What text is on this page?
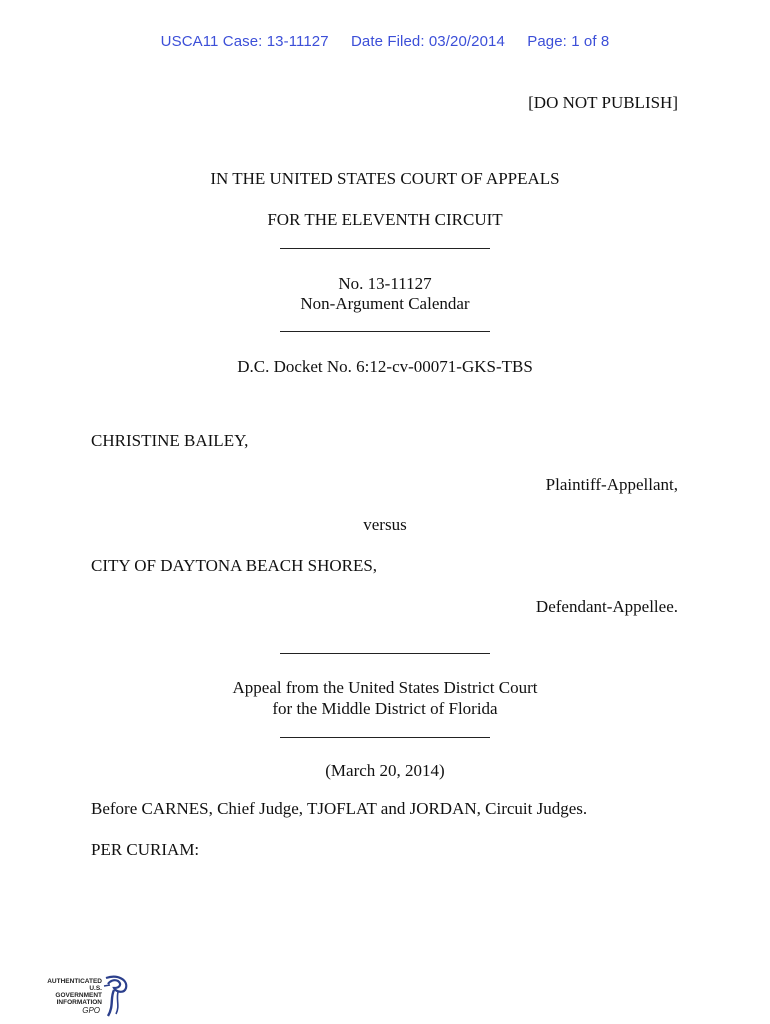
USCA11 Case: 13-11127 Date Filed: 03/20/2014 Page: 1 of 8
[DO NOT PUBLISH]
IN THE UNITED STATES COURT OF APPEALS
FOR THE ELEVENTH CIRCUIT
No. 13-11127
Non-Argument Calendar
D.C. Docket No. 6:12-cv-00071-GKS-TBS
CHRISTINE BAILEY,
Plaintiff-Appellant,
versus
CITY OF DAYTONA BEACH SHORES,
Defendant-Appellee.
Appeal from the United States District Court
for the Middle District of Florida
(March 20, 2014)
Before CARNES, Chief Judge, TJOFLAT and JORDAN, Circuit Judges.
PER CURIAM:
AUTHENTICATED
U.S. GOVERNMENT
INFORMATION
GPO
